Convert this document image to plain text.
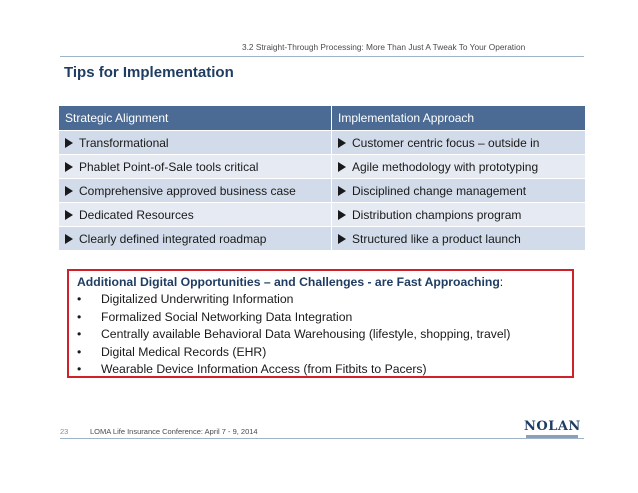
3.2 Straight-Through Processing: More Than Just A Tweak To Your Operation
Tips for Implementation
Strategic Alignment	Implementation Approach
Transformational	Customer centric focus – outside in
Phablet Point-of-Sale tools critical	Agile methodology with prototyping
Comprehensive approved business case	Disciplined change management
Dedicated Resources	Distribution champions program
Clearly defined integrated roadmap	Structured like a product launch
Additional Digital Opportunities – and Challenges - are Fast Approaching:
• Digitalized Underwriting Information
• Formalized Social Networking Data Integration
• Centrally available Behavioral Data Warehousing (lifestyle, shopping, travel)
• Digital Medical Records (EHR)
• Wearable Device Information Access (from Fitbits to Pacers)
23	LOMA Life Insurance Conference: April 7 - 9, 2014	NOLAN
